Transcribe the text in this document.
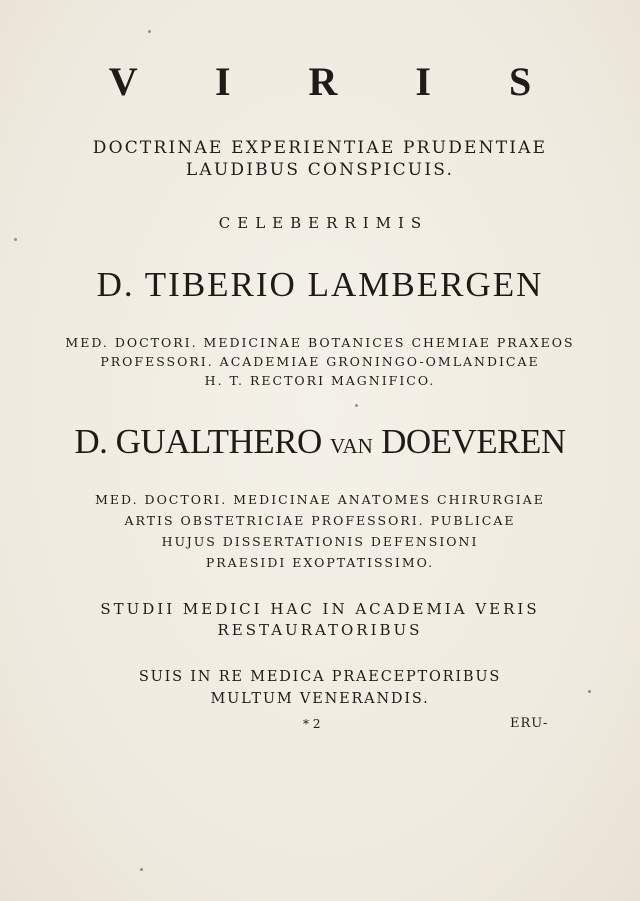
V I R I S

DOCTRINAE EXPERIENTIAE PRUDENTIAE

LAUDIBUS CONSPICUIS.

CELEBERRIMIS

D. TIBERIO LAMBERGEN

MED. DOCTORI. MEDICINAE BOTANICES CHEMIAE PRAXEOS

PROFESSORI. ACADEMIAE GRONINGO-OMLANDICAE

H. T. RECTORI MAGNIFICO.

D. GUALTHERO VAN DOEVEREN

MED. DOCTORI. MEDICINAE ANATOMES CHIRURGIAE

ARTIS OBSTETRICIAE PROFESSORI. PUBLICAE

HUJUS DISSERTATIONIS DEFENSIONI

PRAESIDI EXOPTATISSIMO.

STUDII MEDICI HAC IN ACADEMIA VERIS

RESTAURATORIBUS

SUIS IN RE MEDICA PRAECEPTORIBUS

MULTUM VENERANDIS.

* 2	ERU-
